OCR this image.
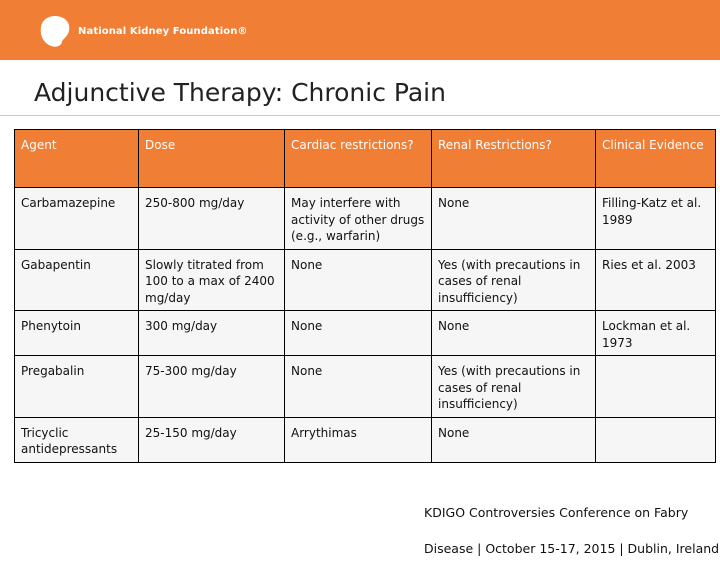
National Kidney Foundation®
Adjunctive Therapy: Chronic Pain
Agent	Dose	Cardiac restrictions?	Renal Restrictions?	Clinical Evidence
Carbamazepine	250-800 mg/day	May interfere with activity of other drugs (e.g., warfarin)	None	Filling-Katz et al. 1989
Gabapentin	Slowly titrated from 100 to a max of 2400 mg/day	None	Yes (with precautions in cases of renal insufficiency)	Ries et al. 2003
Phenytoin	300 mg/day	None	None	Lockman et al. 1973
Pregabalin	75-300 mg/day	None	Yes (with precautions in cases of renal insufficiency)	
Tricyclic antidepressants	25-150 mg/day	Arrythimas	None	

KDIGO Controversies Conference on Fabry

Disease | October 15-17, 2015 | Dublin, Ireland
